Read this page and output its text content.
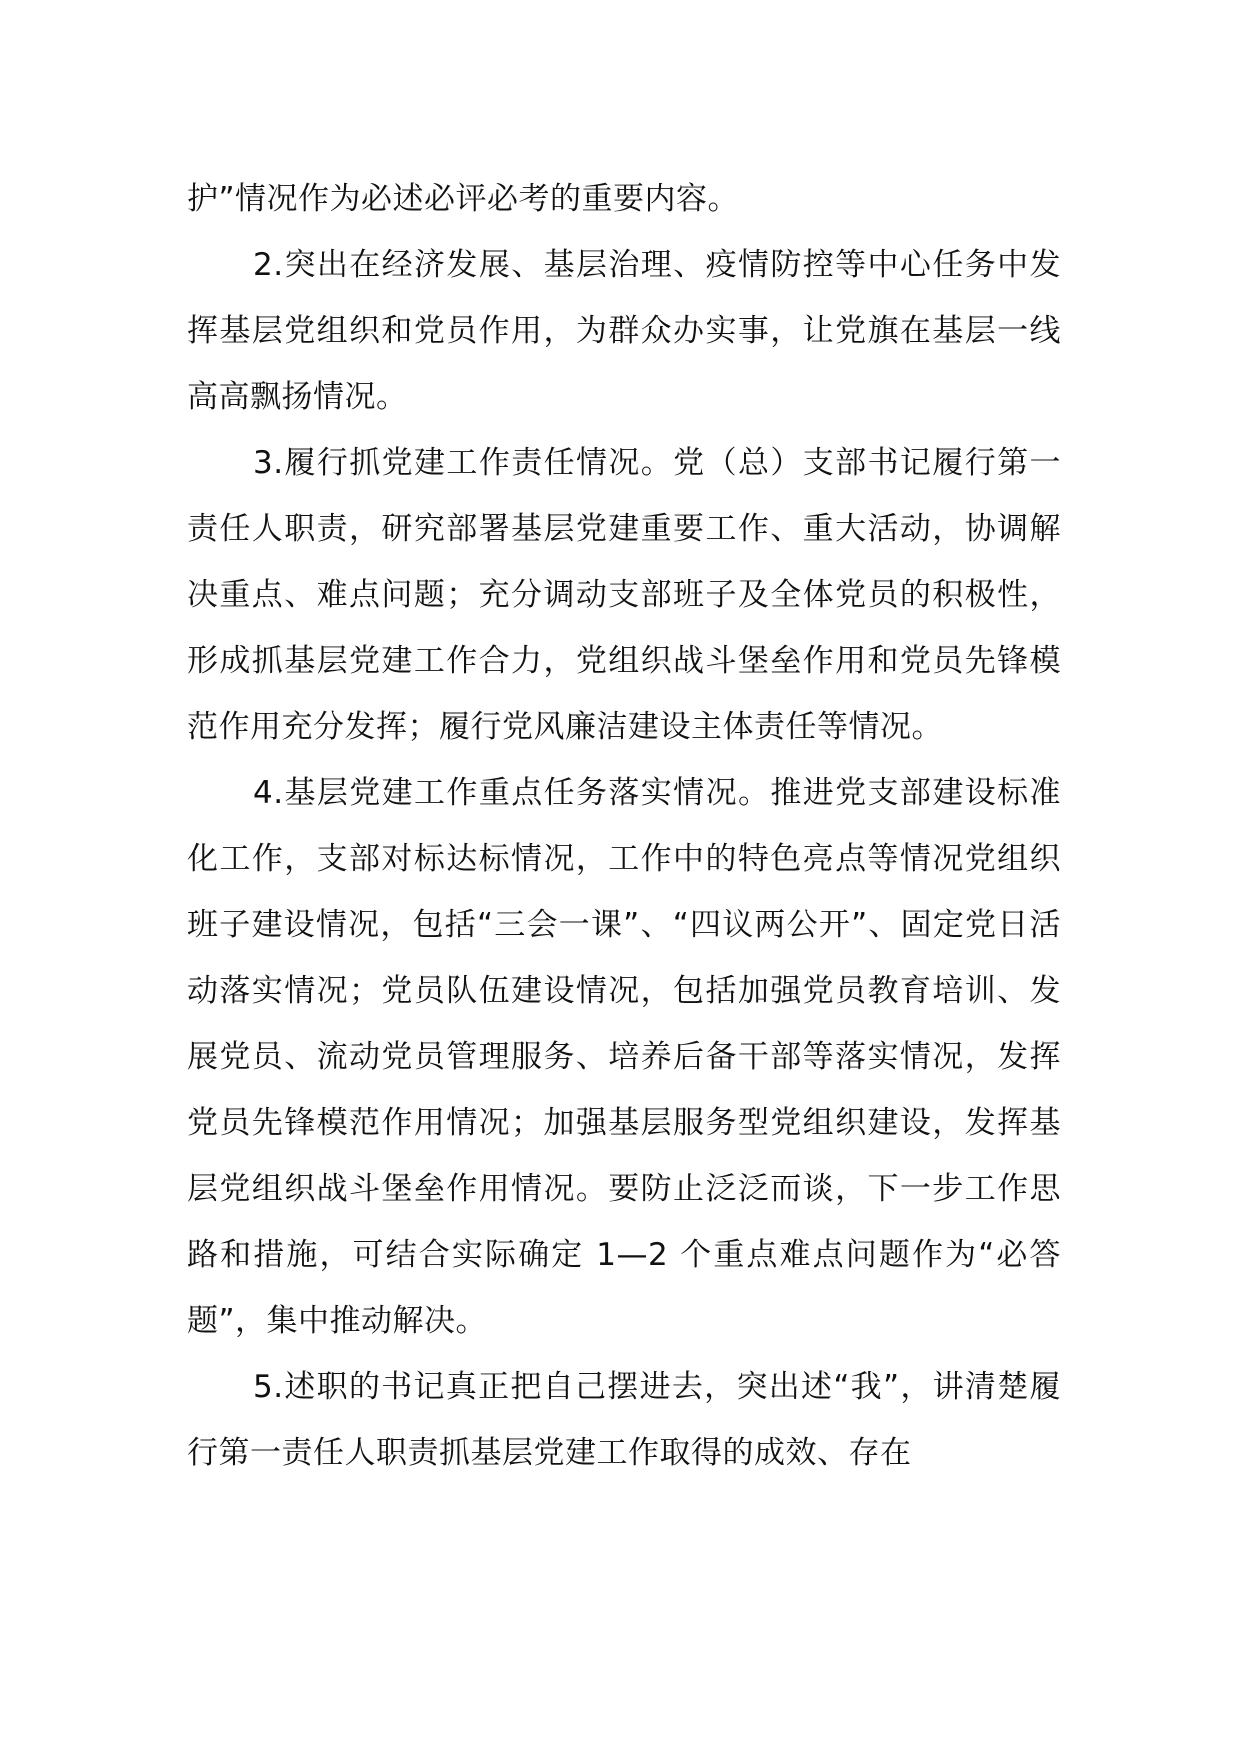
护”情况作为必述必评必考的重要内容。

2.突出在经济发展、基层治理、疫情防控等中心任务中发挥基层党组织和党员作用，为群众办实事，让党旗在基层一线高高飘扬情况。

3.履行抓党建工作责任情况。党（总）支部书记履行第一责任人职责，研究部署基层党建重要工作、重大活动，协调解决重点、难点问题；充分调动支部班子及全体党员的积极性，形成抓基层党建工作合力，党组织战斗堡垒作用和党员先锋模范作用充分发挥；履行党风廉洁建设主体责任等情况。

4.基层党建工作重点任务落实情况。推进党支部建设标准化工作，支部对标达标情况，工作中的特色亮点等情况党组织班子建设情况，包括“三会一课”、“四议两公开”、固定党日活动落实情况；党员队伍建设情况，包括加强党员教育培训、发展党员、流动党员管理服务、培养后备干部等落实情况，发挥党员先锋模范作用情况；加强基层服务型党组织建设，发挥基层党组织战斗堡垒作用情况。要防止泛泛而谈，下一步工作思路和措施，可结合实际确定 1—2 个重点难点问题作为“必答题”，集中推动解决。

5.述职的书记真正把自己摆进去，突出述“我”，讲清楚履行第一责任人职责抓基层党建工作取得的成效、存在
